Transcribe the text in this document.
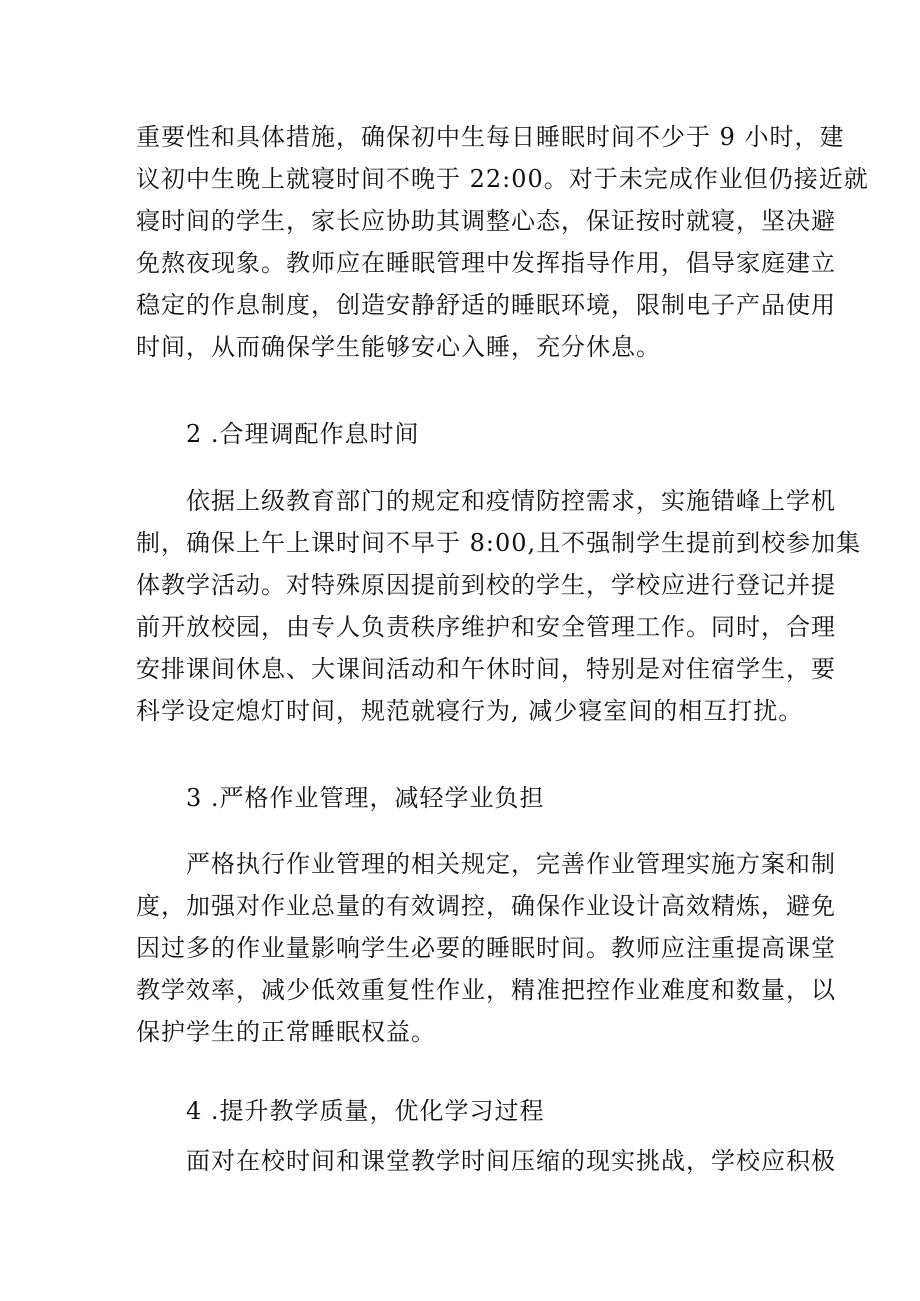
重要性和具体措施，确保初中生每日睡眠时间不少于 9 小时，建
议初中生晚上就寝时间不晚于 22:00。对于未完成作业但仍接近就
寝时间的学生，家长应协助其调整心态，保证按时就寝，坚决避
免熬夜现象。教师应在睡眠管理中发挥指导作用，倡导家庭建立
稳定的作息制度，创造安静舒适的睡眠环境，限制电子产品使用
时间，从而确保学生能够安心入睡，充分休息。

2 .合理调配作息时间

依据上级教育部门的规定和疫情防控需求，实施错峰上学机
制，确保上午上课时间不早于 8:00,且不强制学生提前到校参加集
体教学活动。对特殊原因提前到校的学生，学校应进行登记并提
前开放校园，由专人负责秩序维护和安全管理工作。同时，合理
安排课间休息、大课间活动和午休时间，特别是对住宿学生，要
科学设定熄灯时间，规范就寝行为, 减少寝室间的相互打扰。

3 .严格作业管理，减轻学业负担

严格执行作业管理的相关规定，完善作业管理实施方案和制
度，加强对作业总量的有效调控，确保作业设计高效精炼，避免
因过多的作业量影响学生必要的睡眠时间。教师应注重提高课堂
教学效率，减少低效重复性作业，精准把控作业难度和数量，以
保护学生的正常睡眠权益。

4 .提升教学质量，优化学习过程

面对在校时间和课堂教学时间压缩的现实挑战，学校应积极
